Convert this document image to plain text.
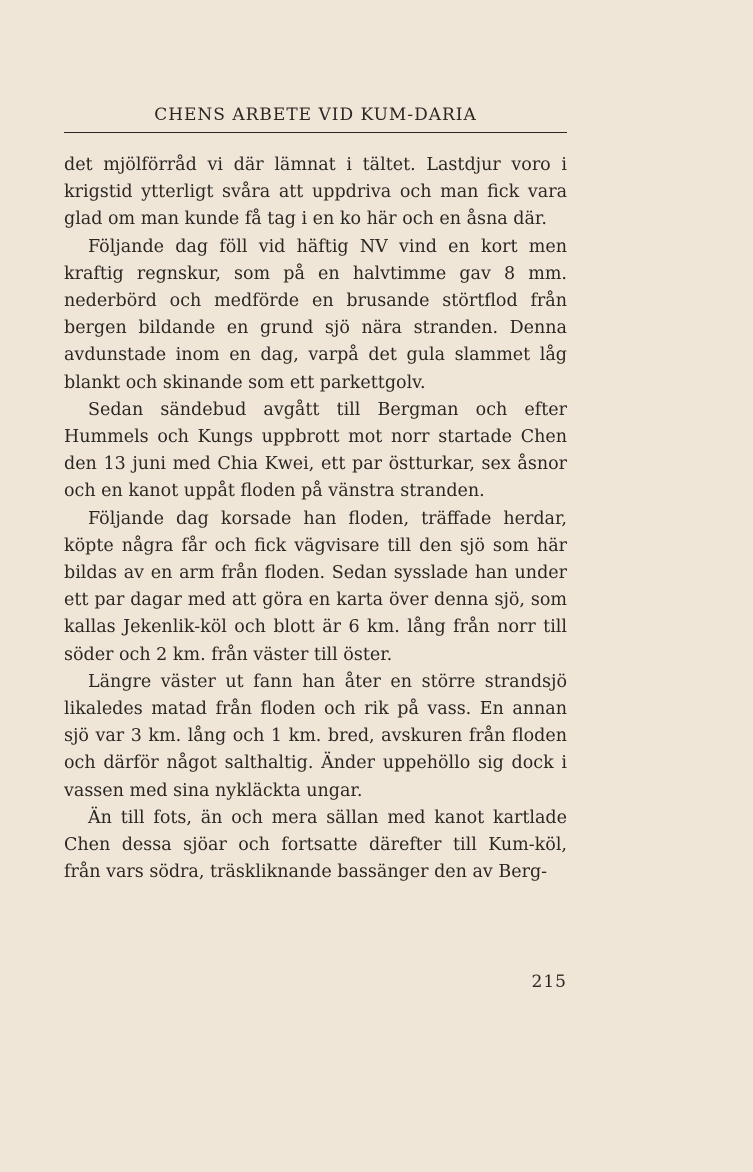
CHENS ARBETE VID KUM-DARIA

det mjölförråd vi där lämnat i tältet. Lastdjur voro i krigstid ytterligt svåra att uppdriva och man fick vara glad om man kunde få tag i en ko här och en åsna där.

Följande dag föll vid häftig NV vind en kort men kraftig regnskur, som på en halvtimme gav 8 mm. nederbörd och medförde en brusande störtflod från bergen bildande en grund sjö nära stranden. Denna avdunstade inom en dag, varpå det gula slammet låg blankt och skinande som ett parkettgolv.

Sedan sändebud avgått till Bergman och efter Hummels och Kungs uppbrott mot norr startade Chen den 13 juni med Chia Kwei, ett par östturkar, sex åsnor och en kanot uppåt floden på vänstra stranden.

Följande dag korsade han floden, träffade herdar, köpte några får och fick vägvisare till den sjö som här bildas av en arm från floden. Sedan sysslade han under ett par dagar med att göra en karta över denna sjö, som kallas Jekenlik-köl och blott är 6 km. lång från norr till söder och 2 km. från väster till öster.

Längre väster ut fann han åter en större strandsjö likaledes matad från floden och rik på vass. En annan sjö var 3 km. lång och 1 km. bred, avskuren från floden och därför något salthaltig. Änder uppehöllo sig dock i vassen med sina nykläckta ungar.

Än till fots, än och mera sällan med kanot kartlade Chen dessa sjöar och fortsatte därefter till Kum-köl, från vars södra, träskliknande bassänger den av Berg-

215
